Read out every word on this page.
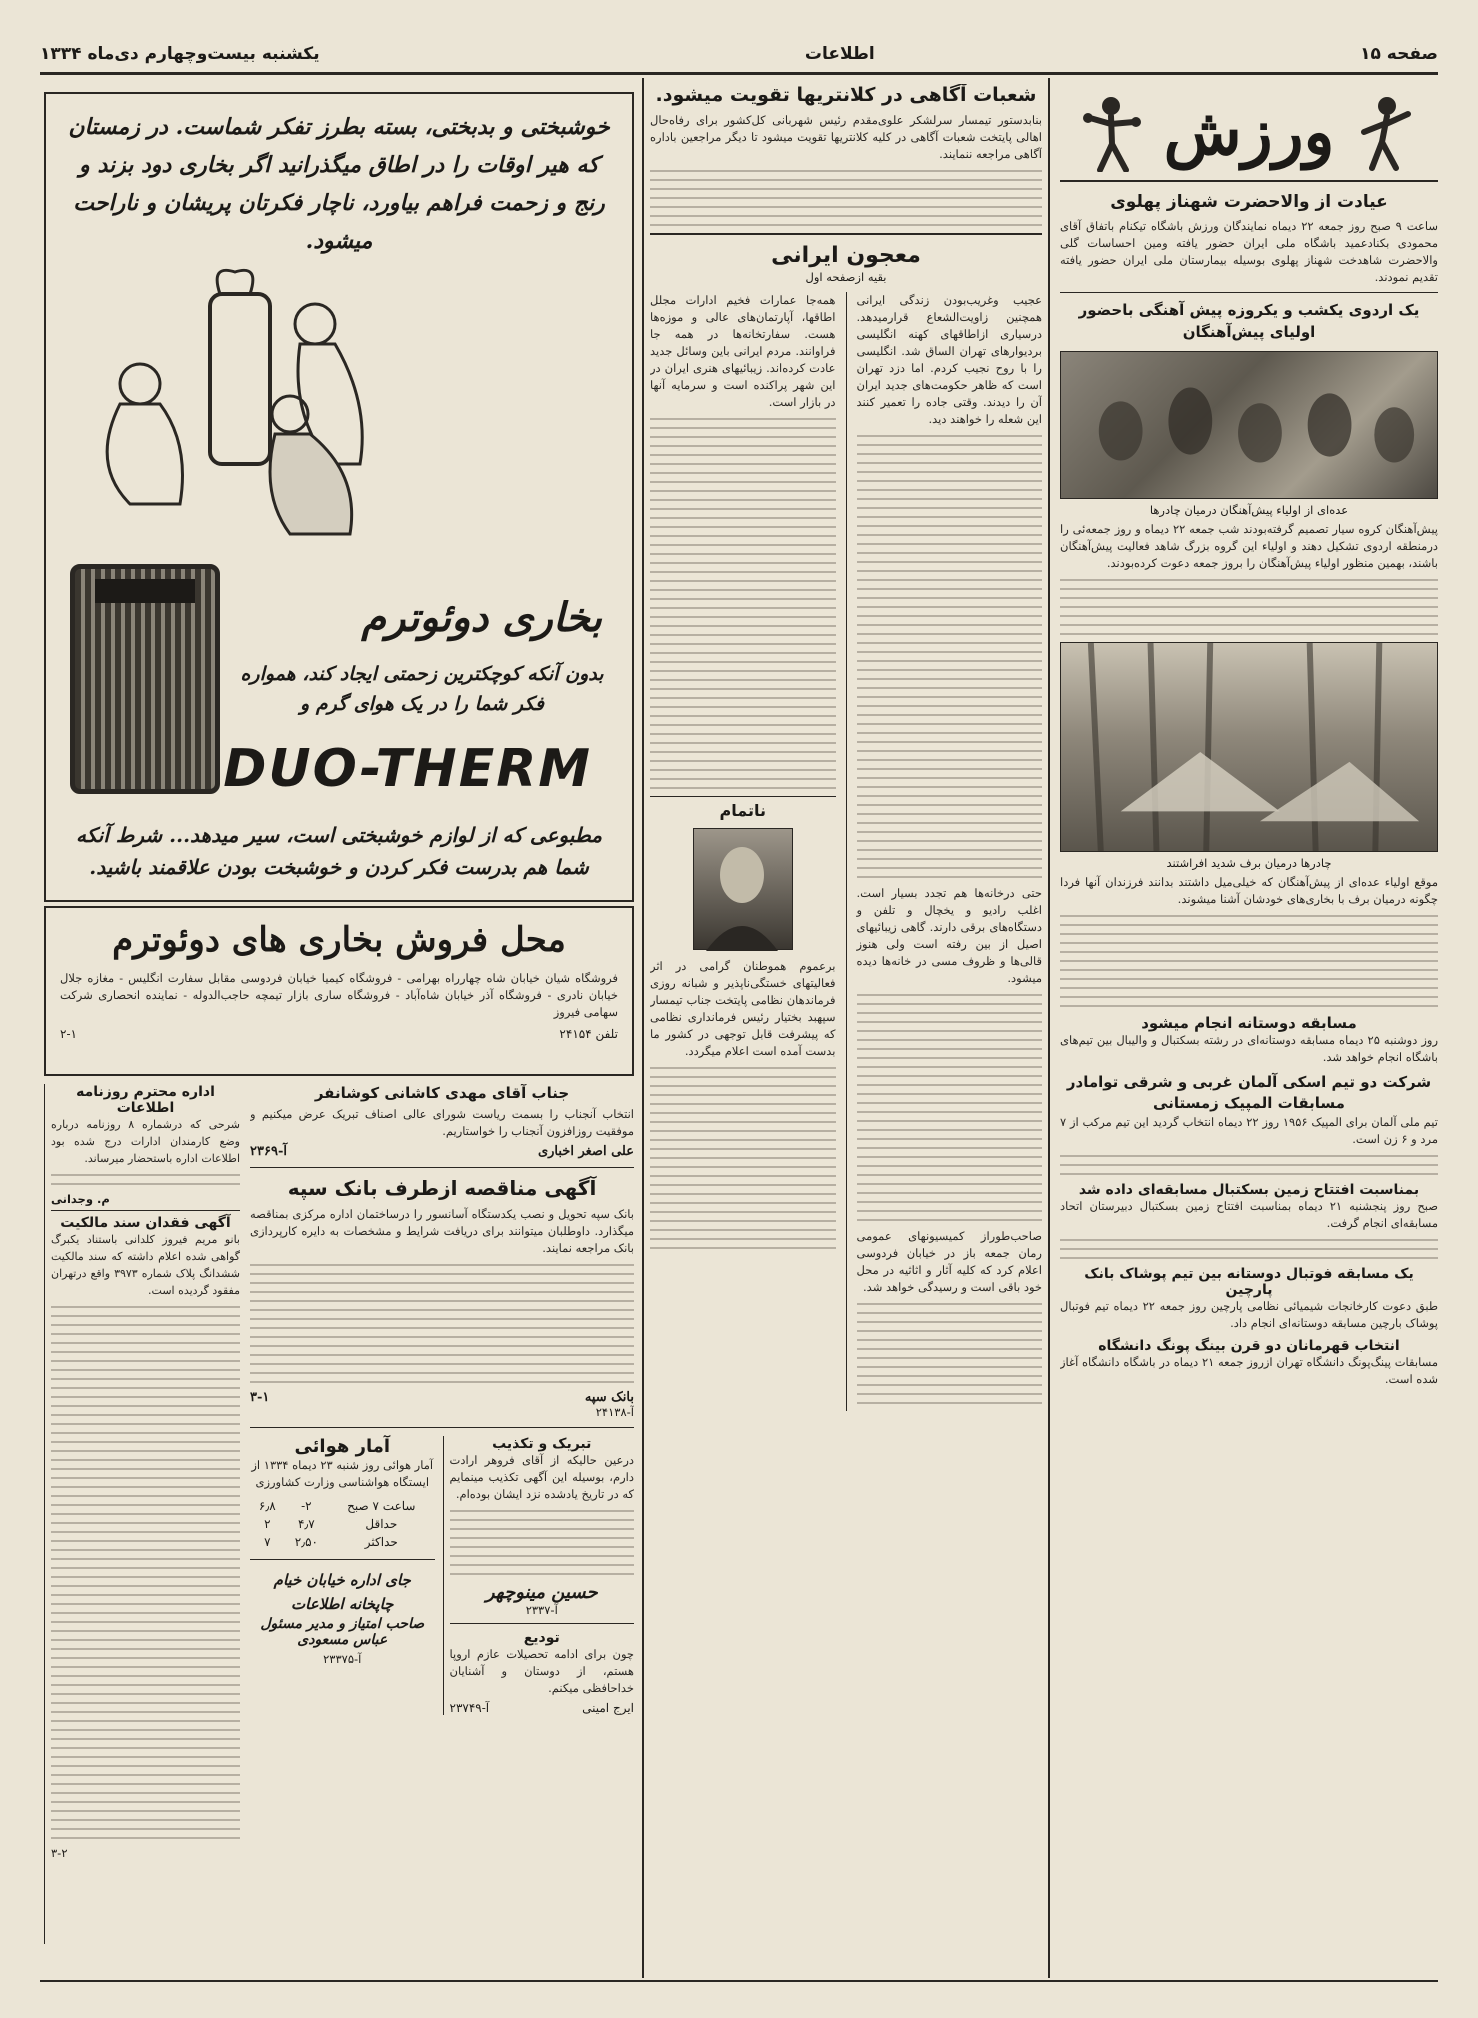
صفحه ۱۵
اطلاعات
یکشنبه بیست‌وچهارم دی‌ماه ۱۳۳۴
ورزش
عیادت از والاحضرت شهناز پهلوی

ساعت ۹ صبح روز جمعه ۲۲ دیماه نمایندگان ورزش باشگاه تیکنام باتفاق آقای محمودی بکنادعمید باشگاه ملی ایران حضور یافته ومین احساسات گلی والاحضرت شاهدخت شهناز پهلوی بوسیله بیمارستان ملی ایران حضور یافته تقدیم نمودند.

یک اردوی یکشب و یکروزه پیش آهنگی باحضور اولیای پیش‌آهنگان
عده‌ای از اولیاء پیش‌آهنگان درمیان چادرها

پیش‌آهنگان کروه سیار تصمیم گرفته‌بودند شب جمعه ۲۲ دیماه و روز جمعه‌ئی را درمنطقه اردوی تشکیل دهند و اولیاء این گروه بزرگ شاهد فعالیت پیش‌آهنگان باشند، بهمین منظور اولیاء پیش‌آهنگان را بروز جمعه دعوت کرده‌بودند.

چادرها درمیان برف شدید افراشتند

موقع اولیاء عده‌ای از پیش‌آهنگان که خیلی‌میل داشتند بدانند فرزندان آنها فردا چگونه درمیان برف با بخاری‌های خودشان آشنا میشوند.

مسابقه دوستانه انجام میشود

روز دوشنبه ۲۵ دیماه مسابقه دوستانه‌ای در رشته بسکتبال و والیبال بین تیم‌های باشگاه انجام خواهد شد.

شرکت دو تیم اسکی آلمان غربی و شرقی توامادر مسابقات المپیک زمستانی

تیم ملی آلمان برای المپیک ۱۹۵۶ روز ۲۲ دیماه انتخاب گردید این تیم مرکب از ۷ مرد و ۶ زن است.

بمناسبت افتتاح زمین بسکتبال مسابقه‌ای داده شد

صبح روز پنجشنبه ۲۱ دیماه بمناسبت افتتاح زمین بسکتبال دبیرستان اتحاد مسابقه‌ای انجام گرفت.

یک مسابقه فوتبال دوستانه بین تیم پوشاک بانک پارچین

طبق دعوت کارخانجات شیمیائی نظامی پارچین روز جمعه ۲۲ دیماه تیم فوتبال پوشاک بارچین مسابقه دوستانه‌ای انجام داد.

انتخاب قهرمانان دو قرن بینگ پونگ دانشگاه

مسابقات پینگ‌پونگ دانشگاه تهران ازروز جمعه ۲۱ دیماه در باشگاه دانشگاه آغاز شده است.

شعبات آگاهی در کلانتریها تقویت میشود.

بنابدستور تیمسار سرلشکر علوی‌مقدم رئیس شهربانی کل‌کشور برای رفاه‌حال اهالی پایتخت شعبات آگاهی در کلیه کلانتریها تقویت میشود تا دیگر مراجعین باداره آگاهی مراجعه ننمایند.

معجون ایرانی
بقیه ازصفحه اول

عجیب وغریب‌بودن زندگی ایرانی همچنین زاویت‌الشعاع قرارمیدهد. درسیاری ازاطاقهای کهنه انگلیسی بردیوارهای تهران الساق شد. انگلیسی را با روح نجیب کردم. اما دزد تهران است که ظاهر حکومت‌های جدید ایران آن را دیدند. وقتی جاده را تعمیر کنند این شعله را خواهند دید.

حتی درخانه‌ها هم تجدد بسیار است. اغلب رادیو و یخچال و تلفن و دستگاه‌های برقی دارند. گاهی زیبائیهای اصیل از بین رفته است ولی هنوز قالی‌ها و ظروف مسی در خانه‌ها دیده میشود.

صاحب‌طوراز کمیسیونهای عمومی رمان جمعه باز در خیابان فردوسی اعلام کرد که کلیه آثار و اثاثیه در محل خود باقی است و رسیدگی خواهد شد.

همه‌جا عمارات فخیم ادارات مجلل اطاقها، آپارتمان‌های عالی و موزه‌ها هست. سفارتخانه‌ها در همه جا فراوانند. مردم ایرانی باین وسائل جدید عادت کرده‌اند. زیبائیهای هنری ایران در این شهر پراکنده است و سرمایه آنها در بازار است.

ناتمام

برعموم هموطنان گرامی در اثر فعالیتهای خستگی‌ناپذیر و شبانه روزی فرماندهان نظامی پایتخت جناب تیمسار سپهبد بختیار رئیس فرمانداری نظامی که پیشرفت قابل توجهی در کشور ما بدست آمده است اعلام میگردد.

خوشبختی و بدبختی، بسته بطرز تفکر شماست. در زمستان که هیر اوقات را در اطاق میگذرانید اگر بخاری دود بزند و رنج و زحمت فراهم بیاورد، ناچار فکرتان پریشان و ناراحت میشود.
بخاری دوئوترم
بدون آنکه کوچکترین زحمتی ایجاد کند، همواره فکر شما را در یک هوای گرم و
DUO-THERM
مطبوعی که از لوازم خوشبختی است، سیر میدهد... شرط آنکه شما هم بدرست فکر کردن و خوشبخت بودن علاقمند باشید.
محل فروش بخاری های دوئوترم

فروشگاه شیان خیابان شاه چهارراه بهرامی - فروشگاه کیمیا خیابان فردوسی مقابل سفارت انگلیس - مغازه جلال خیابان نادری - فروشگاه آذر خیابان شاه‌آباد - فروشگاه ساری بازار تیمچه حاجب‌الدوله - نماینده انحصاری شرکت سهامی فیروز

تلفن ۲۴۱۵۴
۲-۱
اداره محترم روزنامه اطلاعات

شرحی که درشماره ۸ روزنامه درباره وضع کارمندان ادارات درج شده بود اطلاعات اداره باستحضار میرساند.

م. وجدانی
آگهی فقدان سند مالکیت

بانو مریم فیروز کلدانی باستناد یکبرگ گواهی شده اعلام داشته که سند مالکیت ششدانگ پلاک شماره ۳۹۷۳ واقع درتهران مفقود گردیده است.

۳-۲
جناب آقای مهدی کاشانی کوشانفر

انتخاب آنجناب را بسمت ریاست شورای عالی اصناف تبریک عرض میکنیم و موفقیت روزافزون آنجناب را خواستاریم.

علی اصغر اخباری
آ-۲۳۶۹
آگهی مناقصه ازطرف بانک سپه

بانک سپه تحویل و نصب یکدستگاه آسانسور را درساختمان اداره مرکزی بمناقصه میگذارد. داوطلبان میتوانند برای دریافت شرایط و مشخصات به دایره کارپردازی بانک مراجعه نمایند.

بانک سپه
۳-۱
آ-۲۴۱۳۸
تبریک و تکذیب

درعین حالیکه از آقای فروهر ارادت دارم، بوسیله این آگهی تکذیب مینمایم که در تاریخ یادشده نزد ایشان بوده‌ام.

حسین مینوچهر
آ-۲۳۳۷
تودیع

چون برای ادامه تحصیلات عازم اروپا هستم، از دوستان و آشنایان خداحافظی میکنم.

ایرج امینی
آ-۲۳۷۴۹
آمار هوائی

آمار هوائی روز شنبه ۲۳ دیماه ۱۳۳۴ از ایستگاه هواشناسی وزارت کشاورزی

ساعت ۷ صبح	۲-	۶٫۸
حداقل	۴٫۷	۲
حداکثر	۲٫۵۰	۷
جای اداره خیابان خیام چاپخانه اطلاعات
صاحب امتیاز و مدیر مسئول عباس مسعودی
آ-۲۳۳۷۵
